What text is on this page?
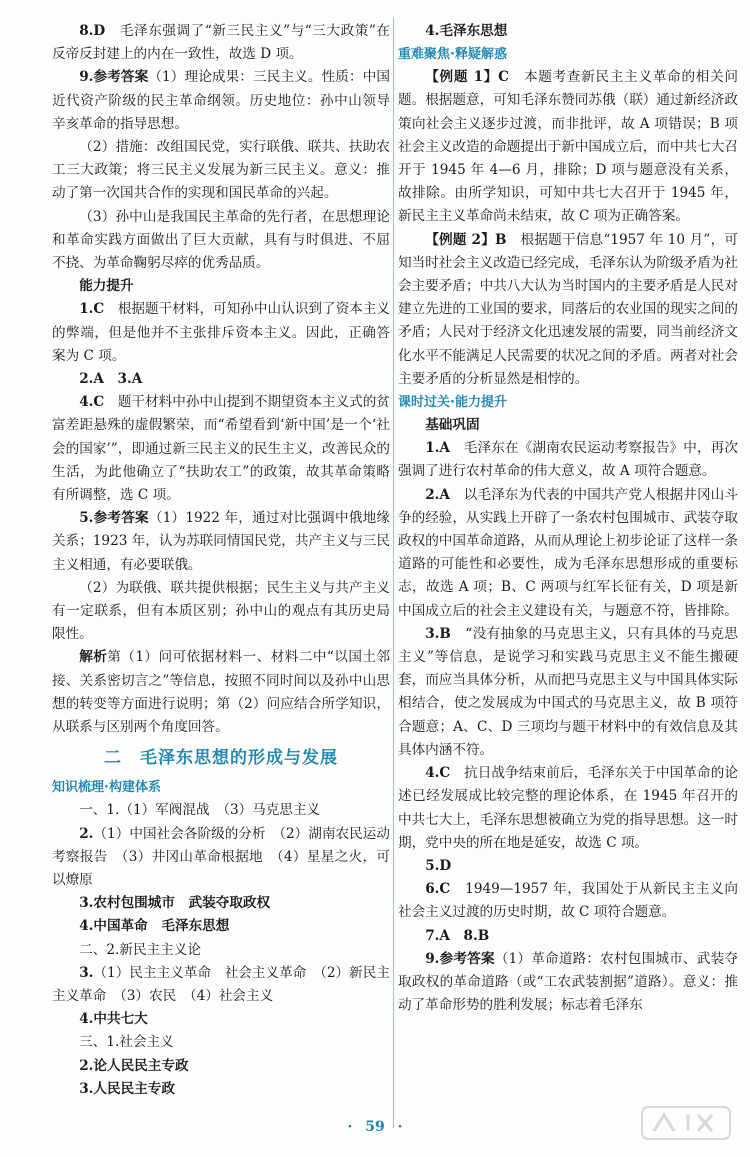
8.D　毛泽东强调了“新三民主义”与“三大政策”在反帝反封建上的内在一致性，故选 D 项。

9.参考答案（1）理论成果：三民主义。性质：中国近代资产阶级的民主革命纲领。历史地位：孙中山领导辛亥革命的指导思想。

（2）措施：改组国民党，实行联俄、联共、扶助农工三大政策；将三民主义发展为新三民主义。意义：推动了第一次国共合作的实现和国民革命的兴起。

（3）孙中山是我国民主革命的先行者，在思想理论和革命实践方面做出了巨大贡献，具有与时俱进、不屈不挠、为革命鞠躬尽瘁的优秀品质。

能力提升

1.C　根据题干材料，可知孙中山认识到了资本主义的弊端，但是他并不主张排斥资本主义。因此，正确答案为 C 项。

2.A　3.A

4.C　题干材料中孙中山提到不期望资本主义式的贫富差距悬殊的虚假繁荣，而“希望看到‘新中国’是一个‘社会的国家’”，即通过新三民主义的民生主义，改善民众的生活，为此他确立了“扶助农工”的政策，故其革命策略有所调整，选 C 项。

5.参考答案（1）1922 年，通过对比强调中俄地缘关系；1923 年，认为苏联同情国民党，共产主义与三民主义相通，有必要联俄。

（2）为联俄、联共提供根据；民生主义与共产主义有一定联系，但有本质区别；孙中山的观点有其历史局限性。

解析第（1）问可依据材料一、材料二中“以国土邻接、关系密切言之”等信息，按照不同时间以及孙中山思想的转变等方面进行说明；第（2）问应结合所学知识，从联系与区别两个角度回答。

二 毛泽东思想的形成与发展
知识梳理·构建体系

一、1.（1）军阀混战　（3）马克思主义

2.（1）中国社会各阶级的分析　（2）湖南农民运动考察报告　（3）井冈山革命根据地　（4）星星之火，可以燎原

3.农村包围城市　武装夺取政权

4.中国革命　毛泽东思想

二、2.新民主主义论

3.（1）民主主义革命　社会主义革命　（2）新民主主义革命　（3）农民　（4）社会主义

4.中共七大

三、1.社会主义

2.论人民民主专政

3.人民民主专政

4.毛泽东思想

重难聚焦·释疑解惑

【例题 1】C　本题考查新民主主义革命的相关问题。根据题意，可知毛泽东赞同苏俄（联）通过新经济政策向社会主义逐步过渡，而非批评，故 A 项错误；B 项社会主义改造的命题提出于新中国成立后，而中共七大召开于 1945 年 4—6 月，排除；D 项与题意没有关系，故排除。由所学知识，可知中共七大召开于 1945 年，新民主主义革命尚未结束，故 C 项为正确答案。

【例题 2】B　根据题干信息“1957 年 10 月”，可知当时社会主义改造已经完成，毛泽东认为阶级矛盾为社会主要矛盾；中共八大认为当时国内的主要矛盾是人民对建立先进的工业国的要求，同落后的农业国的现实之间的矛盾；人民对于经济文化迅速发展的需要，同当前经济文化水平不能满足人民需要的状况之间的矛盾。两者对社会主要矛盾的分析显然是相悖的。

课时过关·能力提升
基础巩固

1.A　毛泽东在《湖南农民运动考察报告》中，再次强调了进行农村革命的伟大意义，故 A 项符合题意。

2.A　以毛泽东为代表的中国共产党人根据井冈山斗争的经验，从实践上开辟了一条农村包围城市、武装夺取政权的中国革命道路，从而从理论上初步论证了这样一条道路的可能性和必要性，成为毛泽东思想形成的重要标志，故选 A 项；B、C 两项与红军长征有关，D 项是新中国成立后的社会主义建设有关，与题意不符，皆排除。

3.B　“没有抽象的马克思主义，只有具体的马克思主义”等信息，是说学习和实践马克思主义不能生搬硬套，而应当具体分析，从而把马克思主义与中国具体实际相结合，使之发展成为中国式的马克思主义，故 B 项符合题意；A、C、D 三项均与题干材料中的有效信息及其具体内涵不符。

4.C　抗日战争结束前后，毛泽东关于中国革命的论述已经发展成比较完整的理论体系，在 1945 年召开的中共七大上，毛泽东思想被确立为党的指导思想。这一时期，党中央的所在地是延安，故选 C 项。

5.D

6.C　1949—1957 年，我国处于从新民主主义向社会主义过渡的历史时期，故 C 项符合题意。

7.A　8.B

9.参考答案（1）革命道路：农村包围城市、武装夺取政权的革命道路（或“工农武装割据”道路）。意义：推动了革命形势的胜利发展；标志着毛泽东

· 59 ·
